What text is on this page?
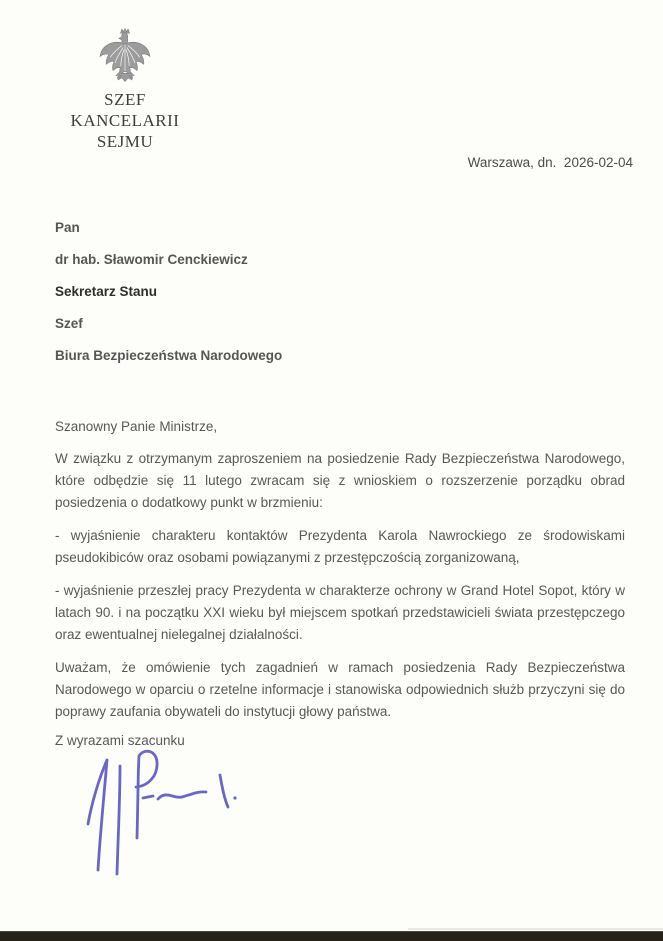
SZEF
KANCELARII SEJMU
Warszawa, dn.  2026-02-04
Pan
dr hab. Sławomir Cenckiewicz
Sekretarz Stanu
Szef
Biura Bezpieczeństwa Narodowego
Szanowny Panie Ministrze,

W związku z otrzymanym zaproszeniem na posiedzenie Rady Bezpieczeństwa Narodowego, które odbędzie się 11 lutego zwracam się z wnioskiem o rozszerzenie porządku obrad posiedzenia o dodatkowy punkt w brzmieniu:

- wyjaśnienie charakteru kontaktów Prezydenta Karola Nawrockiego ze środowiskami pseudokibiców oraz osobami powiązanymi z przestępczością zorganizowaną,

- wyjaśnienie przeszłej pracy Prezydenta w charakterze ochrony w Grand Hotel Sopot, który w latach 90. i na początku XXI wieku był miejscem spotkań przedstawicieli świata przestępczego oraz ewentualnej nielegalnej działalności.

Uważam, że omówienie tych zagadnień w ramach posiedzenia Rady Bezpieczeństwa Narodowego w oparciu o rzetelne informacje i stanowiska odpowiednich służb przyczyni się do poprawy zaufania obywateli do instytucji głowy państwa.

Z wyrazami szacunku
